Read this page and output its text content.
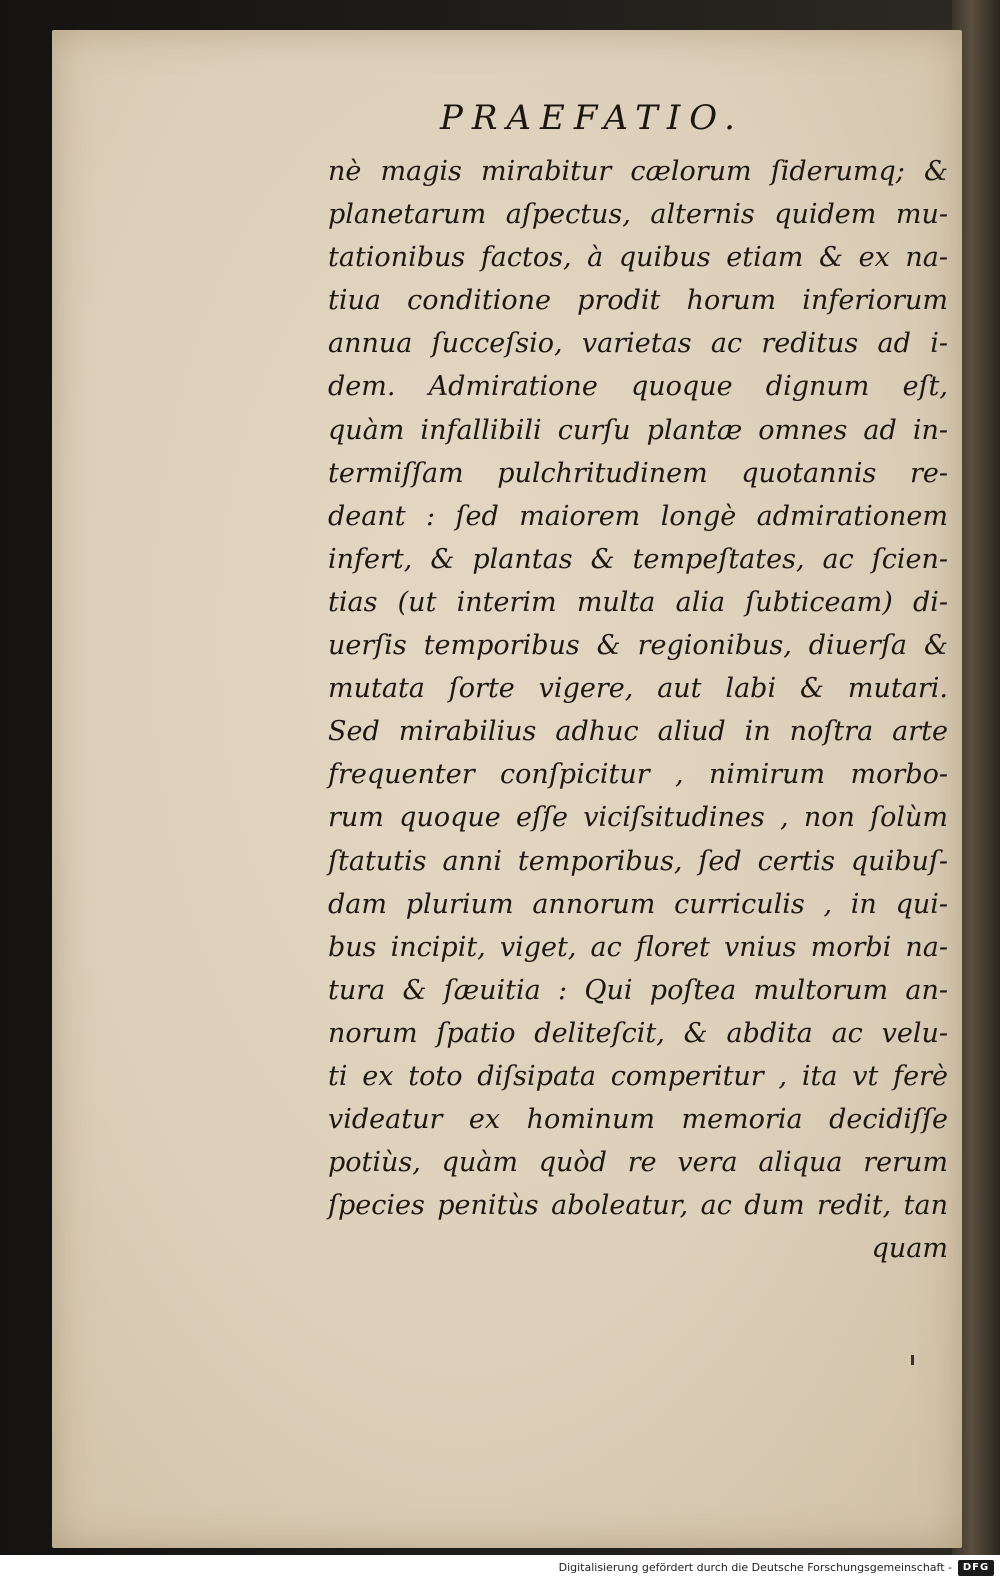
PRAEFATIO.
nè magis mirabitur cælorum ſiderumq; &
planetarum aſpectus, alternis quidem mu-
tationibus factos, à quibus etiam & ex na-
tiua conditione prodit horum inferiorum
annua ſucceſsio, varietas ac reditus ad i-
dem. Admiratione quoque dignum eſt,
quàm infallibili curſu plantæ omnes ad in-
termiſſam pulchritudinem quotannis re-
deant : ſed maiorem longè admirationem
infert, & plantas & tempeſtates, ac ſcien-
tias (ut interim multa alia ſubticeam) di-
uerſis temporibus & regionibus, diuerſa &
mutata ſorte vigere, aut labi & mutari.
Sed mirabilius adhuc aliud in noſtra arte
frequenter conſpicitur , nimirum morbo-
rum quoque eſſe viciſsitudines , non ſolùm
ſtatutis anni temporibus, ſed certis quibuſ-
dam plurium annorum curriculis , in qui-
bus incipit, viget, ac floret vnius morbi na-
tura & ſæuitia : Qui poſtea multorum an-
norum ſpatio delitеſcit, & abdita ac velu-
ti ex toto diſsipata comperitur , ita vt ferè
videatur ex hominum memoria decidiſſe
potiùs, quàm quòd re vera aliqua rerum
ſpecies penitùs aboleatur, ac dum redit, tan
quam
Digitalisierung gefördert durch die Deutsche Forschungsgemeinschaft -	DFG
